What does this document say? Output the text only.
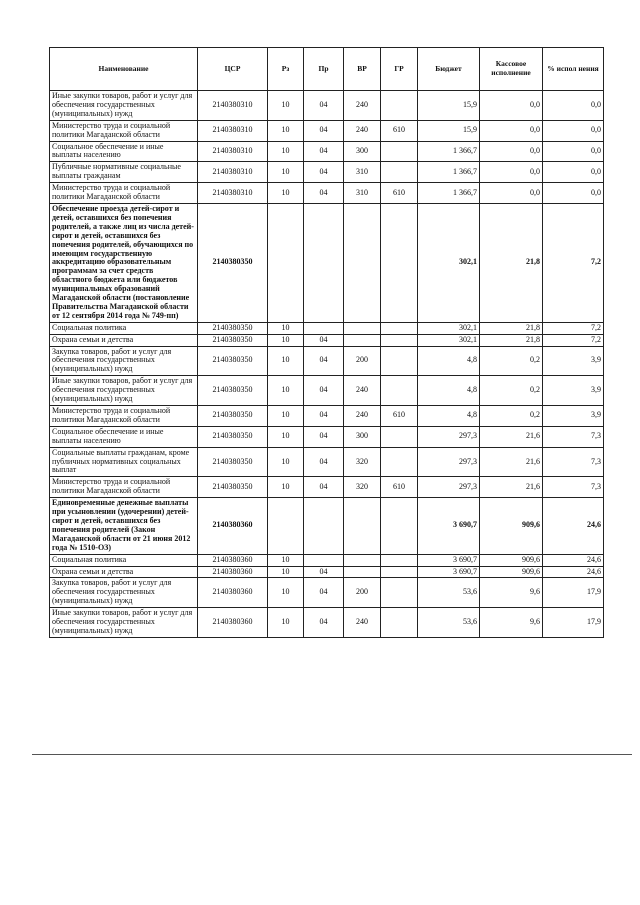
Наименование	ЦСР	Рз	Пр	ВР	ГР	Бюджет	Кассовое исполнение	% испол нения
Иные закупки товаров, работ и услуг для обеспечения государственных (муниципальных) нужд	2140380310	10	04	240		15,9	0,0	0,0
Министерство труда и социальной политики Магаданской области	2140380310	10	04	240	610	15,9	0,0	0,0
Социальное обеспечение и иные выплаты населению	2140380310	10	04	300		1 366,7	0,0	0,0
Публичные нормативные социальные выплаты гражданам	2140380310	10	04	310		1 366,7	0,0	0,0
Министерство труда и социальной политики Магаданской области	2140380310	10	04	310	610	1 366,7	0,0	0,0
Обеспечение проезда детей-сирот и детей, оставшихся без попечения родителей, а также лиц из числа детей-сирот и детей, оставшихся без попечения родителей, обучающихся по имеющим государственную аккредитацию образовательным программам за счет средств областного бюджета или бюджетов муниципальных образований Магаданской области (постановление Правительства Магаданской области от 12 сентября 2014 года № 749-пп)	2140380350					302,1	21,8	7,2
Социальная политика	2140380350	10				302,1	21,8	7,2
Охрана семьи и детства	2140380350	10	04			302,1	21,8	7,2
Закупка товаров, работ и услуг для обеспечения государственных (муниципальных) нужд	2140380350	10	04	200		4,8	0,2	3,9
Иные закупки товаров, работ и услуг для обеспечения государственных (муниципальных) нужд	2140380350	10	04	240		4,8	0,2	3,9
Министерство труда и социальной политики Магаданской области	2140380350	10	04	240	610	4,8	0,2	3,9
Социальное обеспечение и иные выплаты населению	2140380350	10	04	300		297,3	21,6	7,3
Социальные выплаты гражданам, кроме публичных нормативных социальных выплат	2140380350	10	04	320		297,3	21,6	7,3
Министерство труда и социальной политики Магаданской области	2140380350	10	04	320	610	297,3	21,6	7,3
Единовременные денежные выплаты при усыновлении (удочерении) детей-сирот и детей, оставшихся без попечения родителей (Закон Магаданской области от 21 июня 2012 года № 1510-ОЗ)	2140380360					3 690,7	909,6	24,6
Социальная политика	2140380360	10				3 690,7	909,6	24,6
Охрана семьи и детства	2140380360	10	04			3 690,7	909,6	24,6
Закупка товаров, работ и услуг для обеспечения государственных (муниципальных) нужд	2140380360	10	04	200		53,6	9,6	17,9
Иные закупки товаров, работ и услуг для обеспечения государственных (муниципальных) нужд	2140380360	10	04	240		53,6	9,6	17,9
